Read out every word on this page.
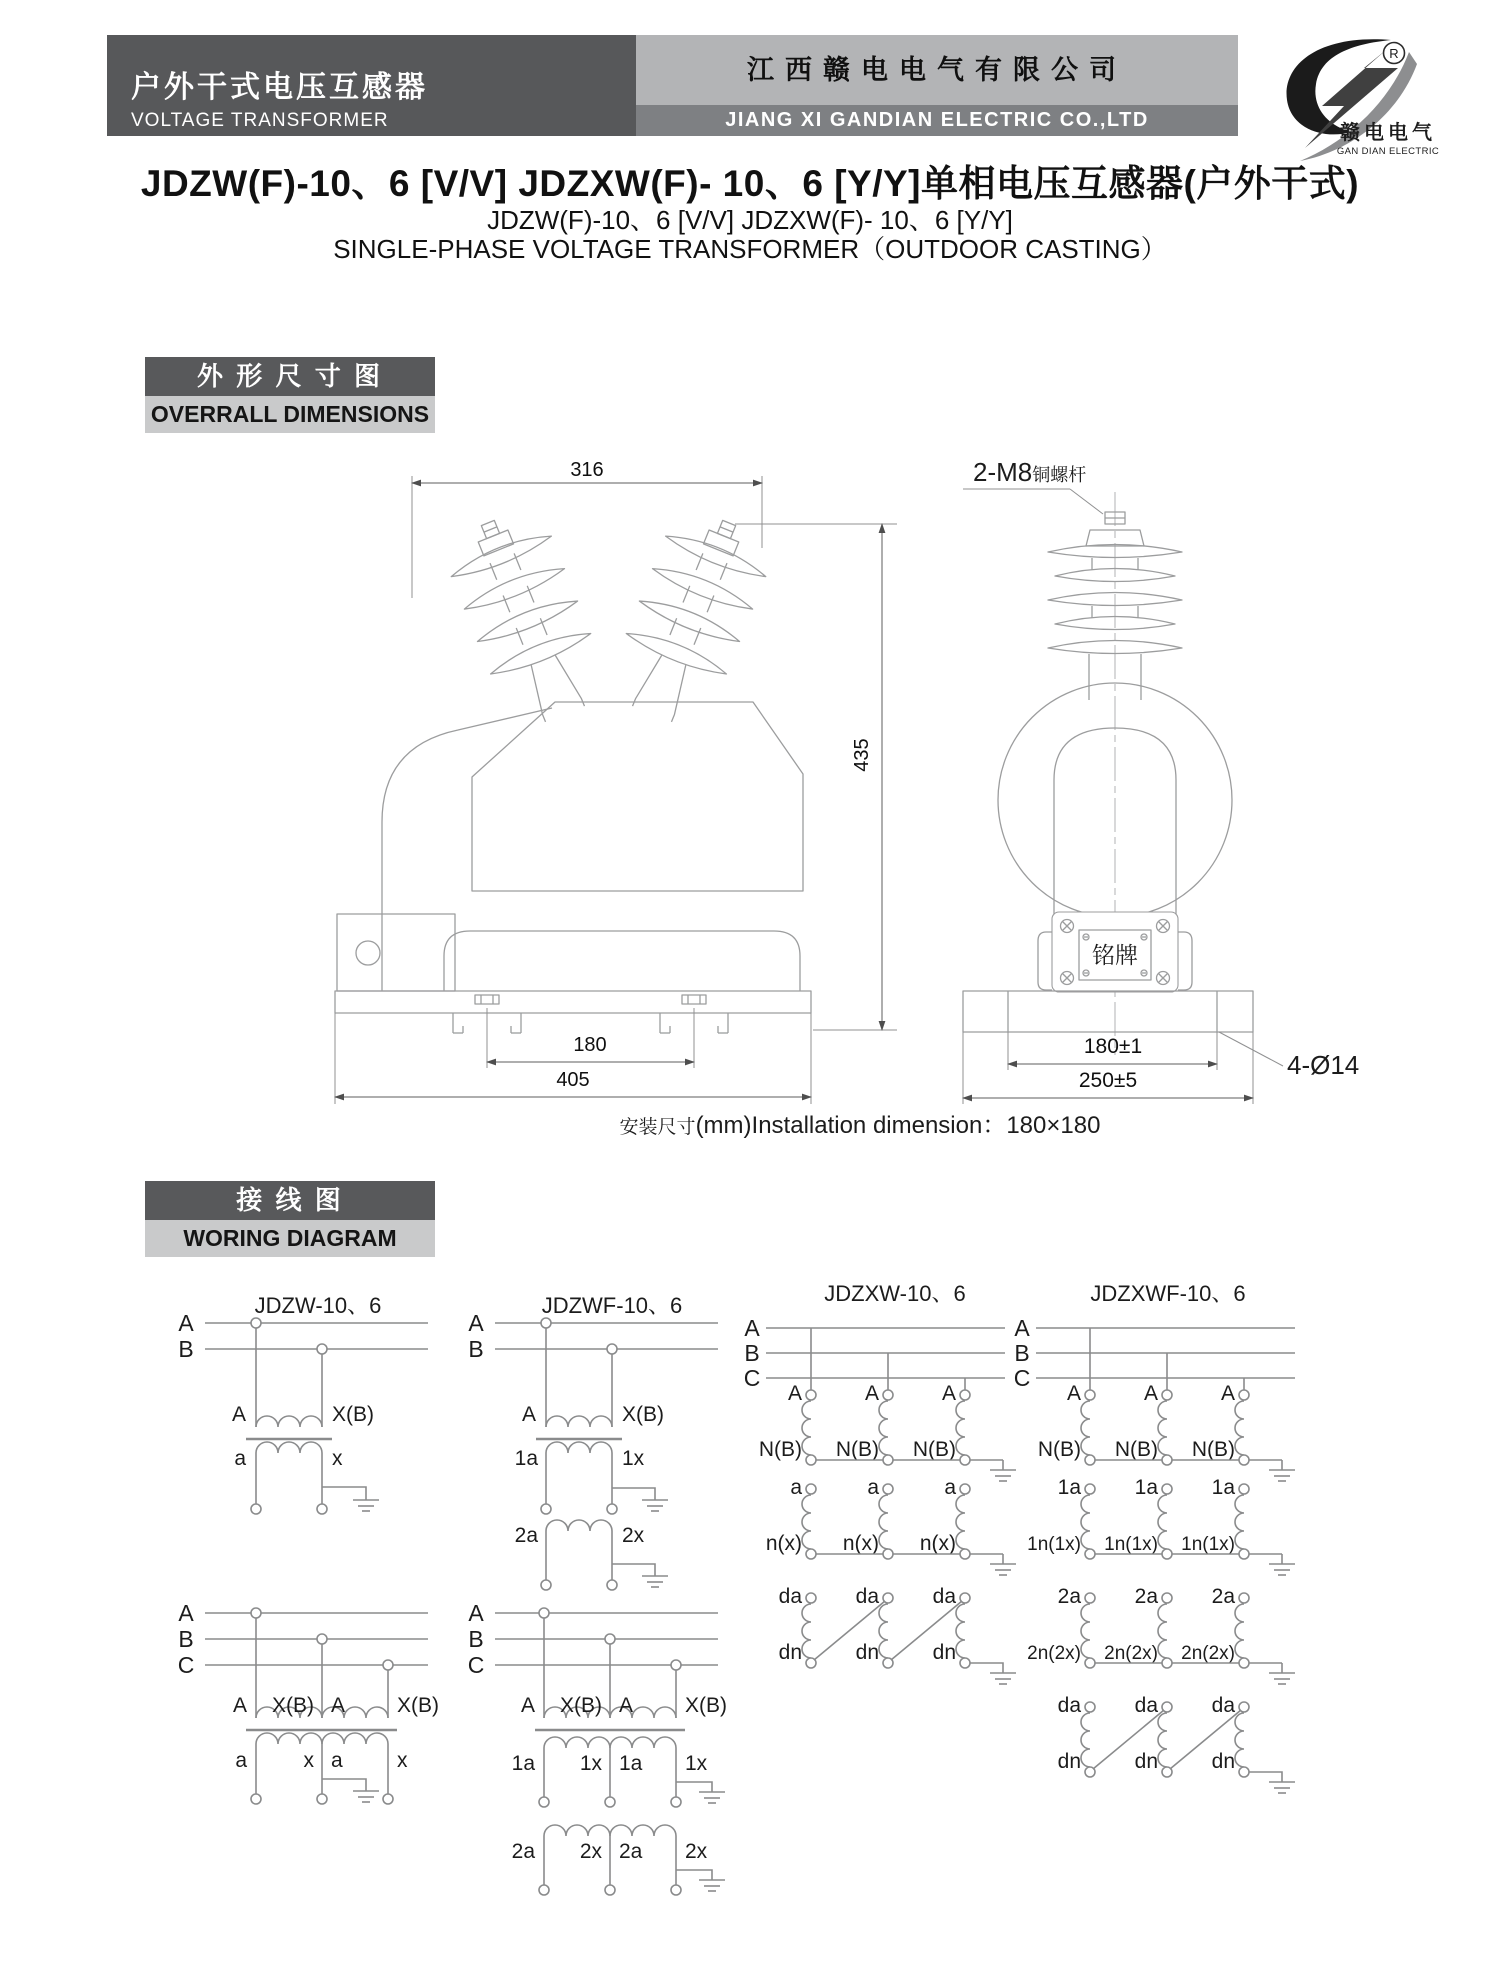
户外干式电压互感器
VOLTAGE TRANSFORMER
江西赣电电气有限公司
JIANG XI GANDIAN ELECTRIC CO.,LTD
JDZW(F)-10、6 [V/V] JDZXW(F)- 10、6 [Y/Y]单相电压互感器(户外干式)
JDZW(F)-10、6 [V/V] JDZXW(F)- 10、6 [Y/Y]
SINGLE-PHASE VOLTAGE TRANSFORMER（OUTDOOR CASTING）
外 形 尺 寸 图
OVERRALL DIMENSIONS
接 线 图
WORING DIAGRAM
R
赣电电气
GAN DIAN ELECTRIC
316
180
405
435
铭牌
2-M8铜螺杆
4-Ø14
180±1
250±5
安装尺寸(mm)Installation dimension：180×180
JDZW-10、6
A
B
A	X(B)
a	x
A
B
C
A X(B) A X(B)
a	x a	x
JDZWF-10、6
A
B
A	X(B)
1a	1x
2a	2x
A
B
C
A X(B) A X(B)
1a 1x 1a 1x
2a 2x 2a 2x
JDZXW-10、6
A
B
C
A	A	A
N(B) N(B) N(B)
a	a	a
n(x) n(x) n(x)
da	da	da
dn	dn	dn
JDZXWF-10、6
A
B
C
A	A	A
N(B) N(B) N(B)
1a	1a	1a
1n(1x) 1n(1x) 1n(1x)
2a	2a	2a
2n(2x) 2n(2x) 2n(2x)
da	da	da
dn	dn	dn
